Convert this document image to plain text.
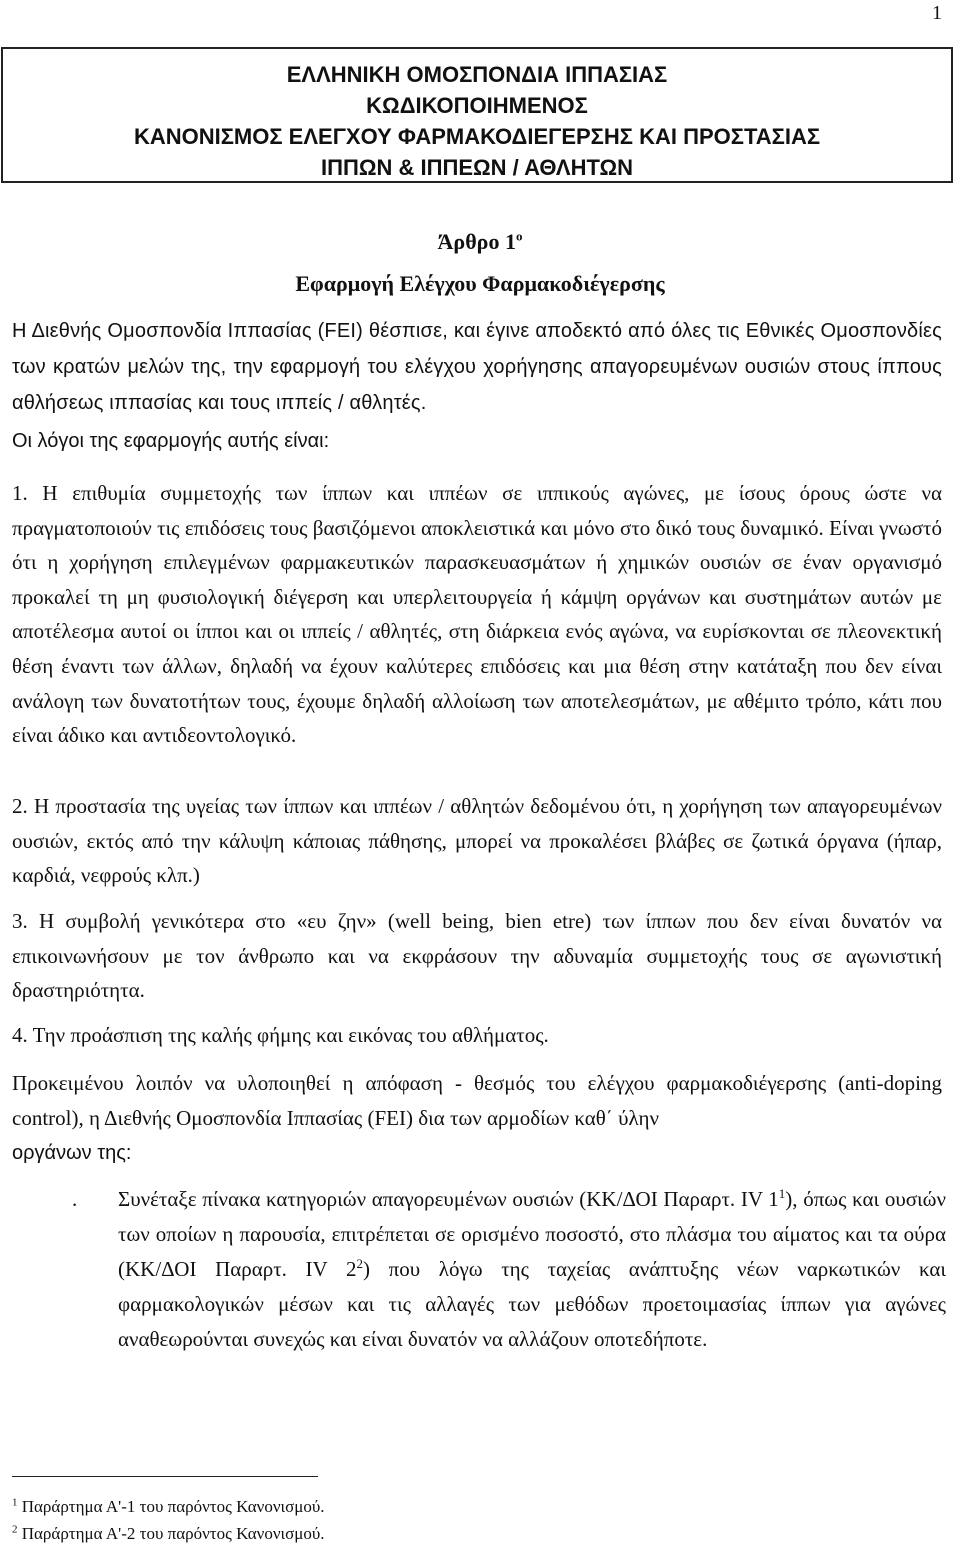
1
ΕΛΛΗΝΙΚΗ ΟΜΟΣΠΟΝΔΙΑ ΙΠΠΑΣΙΑΣ
ΚΩΔΙΚΟΠΟΙΗΜΕΝΟΣ
ΚΑΝΟΝΙΣΜΟΣ ΕΛΕΓΧΟΥ ΦΑΡΜΑΚΟΔΙΕΓΕΡΣΗΣ ΚΑΙ ΠΡΟΣΤΑΣΙΑΣ
ΙΠΠΩΝ & ΙΠΠΕΩΝ / ΑΘΛΗΤΩΝ
Άρθρο $1^o$
Εφαρμογή Ελέγχου Φαρμακοδιέγερσης
Η Διεθνής Ομοσπονδία Ιππασίας (FEI) θέσπισε, και έγινε αποδεκτό από όλες τις Εθνικές Ομοσπονδίες των κρατών μελών της, την εφαρμογή του ελέγχου χορήγησης απαγορευμένων ουσιών στους ίππους αθλήσεως ιππασίας και τους ιππείς / αθλητές.
Οι λόγοι της εφαρμογής αυτής είναι:
1. Η επιθυμία συμμετοχής των ίππων και ιππέων σε ιππικούς αγώνες, με ίσους όρους ώστε να πραγματοποιούν τις επιδόσεις τους βασιζόμενοι αποκλειστικά και μόνο στο δικό τους δυναμικό. Είναι γνωστό ότι η χορήγηση επιλεγμένων φαρμακευτικών παρασκευασμάτων ή χημικών ουσιών σε έναν οργανισμό προκαλεί τη μη φυσιολογική διέγερση και υπερλειτουργεία ή κάμψη οργάνων και συστημάτων αυτών με αποτέλεσμα αυτοί οι ίπποι και οι ιππείς / αθλητές, στη διάρκεια ενός αγώνα, να ευρίσκονται σε πλεονεκτική θέση έναντι των άλλων, δηλαδή να έχουν καλύτερες επιδόσεις και μια θέση στην κατάταξη που δεν είναι ανάλογη των δυνατοτήτων τους, έχουμε δηλαδή αλλοίωση των αποτελεσμάτων, με αθέμιτο τρόπο, κάτι που είναι άδικο και αντιδεοντολογικό.
2. Η προστασία της υγείας των ίππων και ιππέων / αθλητών δεδομένου ότι, η χορήγηση των απαγορευμένων ουσιών, εκτός από την κάλυψη κάποιας πάθησης, μπορεί να προκαλέσει βλάβες σε ζωτικά όργανα (ήπαρ, καρδιά, νεφρούς κλπ.)
3. Η συμβολή γενικότερα στο «ευ ζην» (well being, bien etre) των ίππων που δεν είναι δυνατόν να επικοινωνήσουν με τον άνθρωπο και να εκφράσουν την αδυναμία συμμετοχής τους σε αγωνιστική δραστηριότητα.
4. Την προάσπιση της καλής φήμης και εικόνας του αθλήματος.
Προκειμένου λοιπόν να υλοποιηθεί η απόφαση - θεσμός του ελέγχου φαρμακοδιέγερσης (anti-doping control), η Διεθνής Ομοσπονδία Ιππασίας (FEI) δια των αρμοδίων καθ΄ ύλην
οργάνων της:
. Συνέταξε πίνακα κατηγοριών απαγορευμένων ουσιών (ΚΚ/ΔΟΙ Παραρτ. IV $1^1$), όπως και ουσιών των οποίων η παρουσία, επιτρέπεται σε ορισμένο ποσοστό, στο πλάσμα του αίματος και τα ούρα (ΚΚ/ΔΟΙ Παραρτ. IV $2^2$) που λόγω της ταχείας ανάπτυξης νέων ναρκωτικών και φαρμακολογικών μέσων και τις αλλαγές των μεθόδων προετοιμασίας ίππων για αγώνες αναθεωρούνται συνεχώς και είναι δυνατόν να αλλάζουν οποτεδήποτε.
$^1$ Παράρτημα Α'-1 του παρόντος Κανονισμού.
$^2$ Παράρτημα Α'-2 του παρόντος Κανονισμού.
